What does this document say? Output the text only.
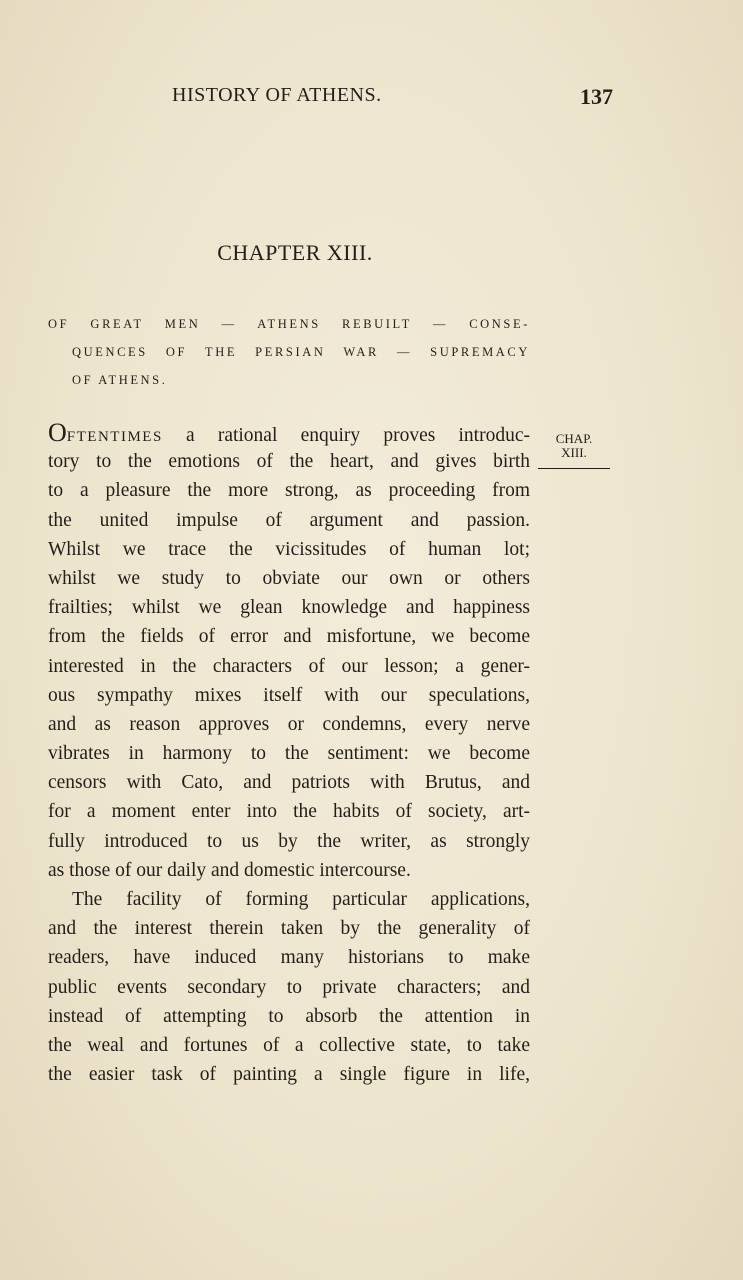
HISTORY OF ATHENS.	137
CHAPTER XIII.
OF GREAT MEN — ATHENS REBUILT — CONSE-
QUENCES OF THE PERSIAN WAR — SUPREMACY
OF ATHENS.
CHAP.
XIII.
OFTENTIMES a rational enquiry proves introduc-
tory to the emotions of the heart, and gives birth
to a pleasure the more strong, as proceeding from
the united impulse of argument and passion.
Whilst we trace the vicissitudes of human lot;
whilst we study to obviate our own or others
frailties; whilst we glean knowledge and happiness
from the fields of error and misfortune, we become
interested in the characters of our lesson; a gener-
ous sympathy mixes itself with our speculations,
and as reason approves or condemns, every nerve
vibrates in harmony to the sentiment: we become
censors with Cato, and patriots with Brutus, and
for a moment enter into the habits of society, art-
fully introduced to us by the writer, as strongly
as those of our daily and domestic intercourse.
The facility of forming particular applications,
and the interest therein taken by the generality of
readers, have induced many historians to make
public events secondary to private characters; and
instead of attempting to absorb the attention in
the weal and fortunes of a collective state, to take
the easier task of painting a single figure in life,
